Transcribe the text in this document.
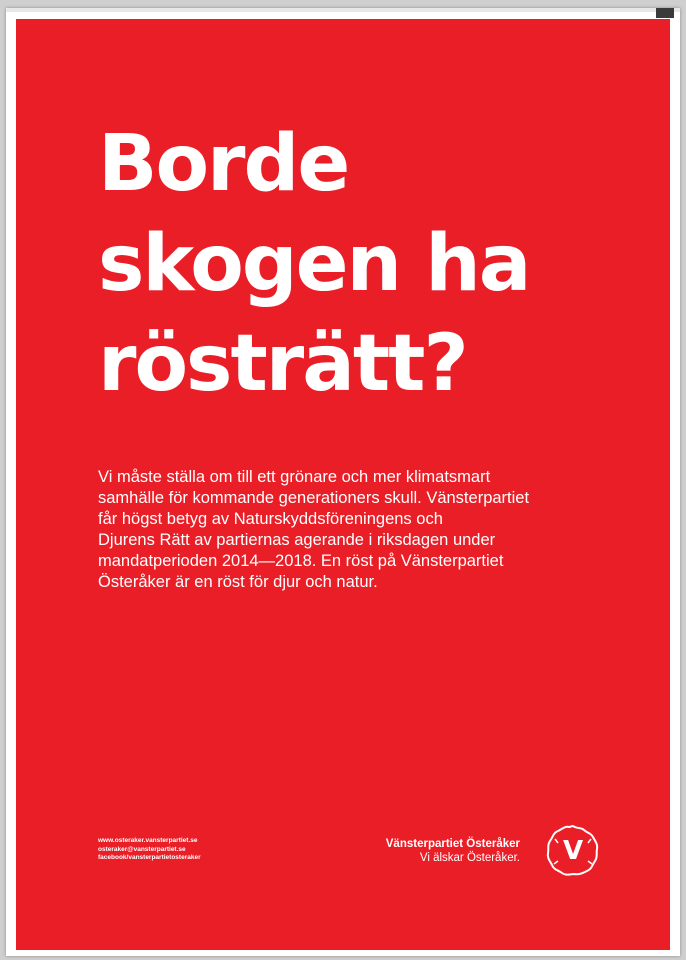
Borde
skogen ha
rösträtt?

Vi måste ställa om till ett grönare och mer klimatsmart
samhälle för kommande generationers skull. Vänsterpartiet
får högst betyg av Naturskyddsföreningens och
Djurens Rätt av partiernas agerande i riksdagen under
mandatperioden 2014—2018. En röst på Vänsterpartiet
Österåker är en röst för djur och natur.

www.osteraker.vansterpartiet.se
osteraker@vansterpartiet.se
facebook/vansterpartietosteraker
Vänsterpartiet Österåker
Vi älskar Österåker. V
